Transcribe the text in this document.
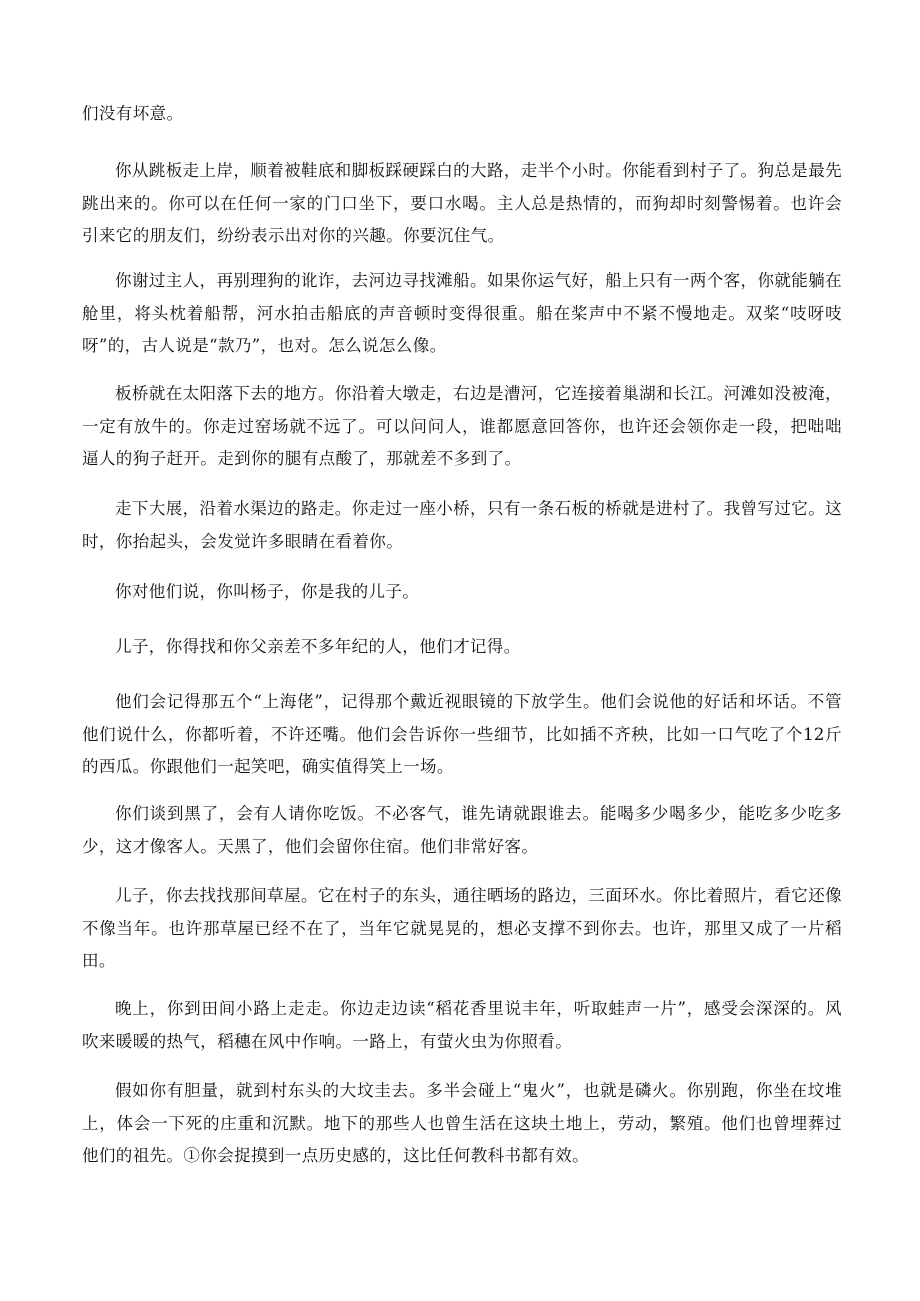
们没有坏意。

你从跳板走上岸，顺着被鞋底和脚板踩硬踩白的大路，走半个小时。你能看到村子了。狗总是最先跳出来的。你可以在任何一家的门口坐下，要口水喝。主人总是热情的，而狗却时刻警惕着。也许会引来它的朋友们，纷纷表示出对你的兴趣。你要沉住气。

你谢过主人，再别理狗的讹诈，去河边寻找滩船。如果你运气好，船上只有一两个客，你就能躺在舱里，将头枕着船帮，河水拍击船底的声音顿时变得很重。船在桨声中不紧不慢地走。双桨“吱呀吱呀”的，古人说是“款乃”，也对。怎么说怎么像。

板桥就在太阳落下去的地方。你沿着大墩走，右边是漕河，它连接着巢湖和长江。河滩如没被淹，一定有放牛的。你走过窑场就不远了。可以问问人，谁都愿意回答你，也许还会领你走一段，把咄咄逼人的狗子赶开。走到你的腿有点酸了，那就差不多到了。

走下大展，沿着水渠边的路走。你走过一座小桥，只有一条石板的桥就是进村了。我曾写过它。这时，你抬起头，会发觉许多眼睛在看着你。

你对他们说，你叫杨子，你是我的儿子。

儿子，你得找和你父亲差不多年纪的人，他们才记得。

他们会记得那五个“上海佬”，记得那个戴近视眼镜的下放学生。他们会说他的好话和坏话。不管他们说什么，你都听着，不许还嘴。他们会告诉你一些细节，比如插不齐秧，比如一口气吃了个12斤的西瓜。你跟他们一起笑吧，确实值得笑上一场。

你们谈到黑了，会有人请你吃饭。不必客气，谁先请就跟谁去。能喝多少喝多少，能吃多少吃多少，这才像客人。天黑了，他们会留你住宿。他们非常好客。

儿子，你去找找那间草屋。它在村子的东头，通往晒场的路边，三面环水。你比着照片，看它还像不像当年。也许那草屋已经不在了，当年它就晃晃的，想必支撑不到你去。也许，那里又成了一片稻田。

晚上，你到田间小路上走走。你边走边读“稻花香里说丰年，听取蛙声一片”，感受会深深的。风吹来暖暖的热气，稻穗在风中作响。一路上，有萤火虫为你照看。

假如你有胆量，就到村东头的大坟圭去。多半会碰上“鬼火”，也就是磷火。你别跑，你坐在坟堆上，体会一下死的庄重和沉默。地下的那些人也曾生活在这块土地上，劳动，繁殖。他们也曾埋葬过他们的祖先。①你会捉摸到一点历史感的，这比任何教科书都有效。
